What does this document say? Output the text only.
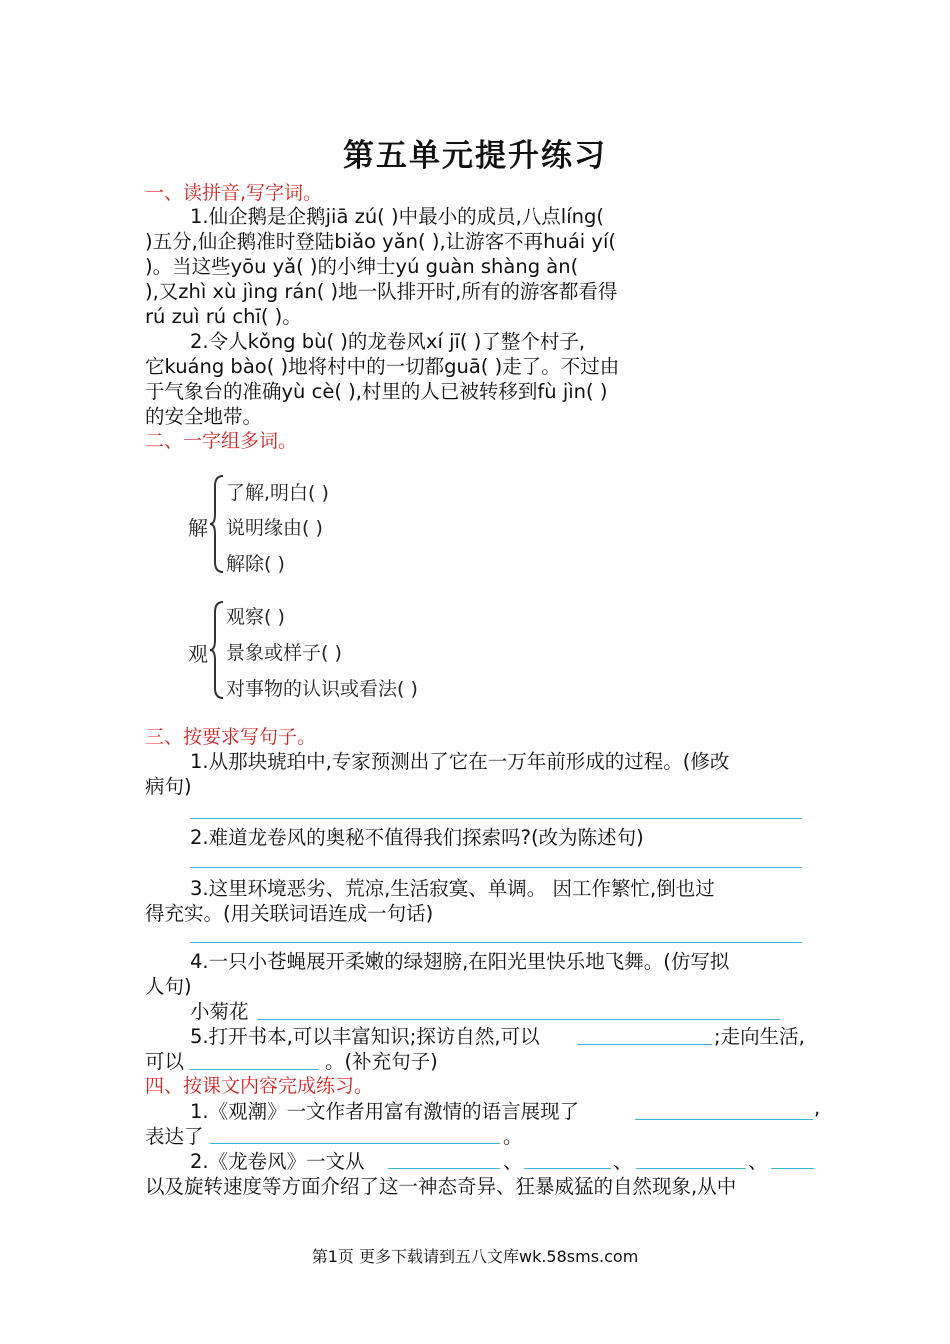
第五单元提升练习
一、读拼音,写字词。
1.仙企鹅是企鹅jiā zú( )中最小的成员,八点líng(
)五分,仙企鹅准时登陆biǎo yǎn( ),让游客不再huái yí(
)。当这些yōu yǎ( )的小绅士yú guàn shàng àn(
),又zhì xù jìng rán( )地一队排开时,所有的游客都看得
rú zuì rú chī( )。
2.令人kǒng bù( )的龙卷风xí jī( )了整个村子,
它kuáng bào( )地将村中的一切都guā( )走了。不过由
于气象台的准确yù cè( ),村里的人已被转移到fù jìn( )
的安全地带。
二、一字组多词。
解
了解,明白( )
说明缘由( )
解除( )
观
观察( )
景象或样子( )
对事物的认识或看法( )
三、按要求写句子。
1.从那块琥珀中,专家预测出了它在一万年前形成的过程。(修改
病句)
2.难道龙卷风的奥秘不值得我们探索吗?(改为陈述句)
3.这里环境恶劣、荒凉,生活寂寞、单调。 因工作繁忙,倒也过
得充实。(用关联词语连成一句话)
4.一只小苍蝇展开柔嫩的绿翅膀,在阳光里快乐地飞舞。(仿写拟
人句)
小菊花
5.打开书本,可以丰富知识;探访自然,可以	;走向生活,
可以	。(补充句子)
四、按课文内容完成练习。
1.《观潮》一文作者用富有激情的语言展现了	,
表达了	。
2.《龙卷风》一文从	、	、	、
以及旋转速度等方面介绍了这一神态奇异、狂暴威猛的自然现象,从中
第1页 更多下载请到五八文库wk.58sms.com
